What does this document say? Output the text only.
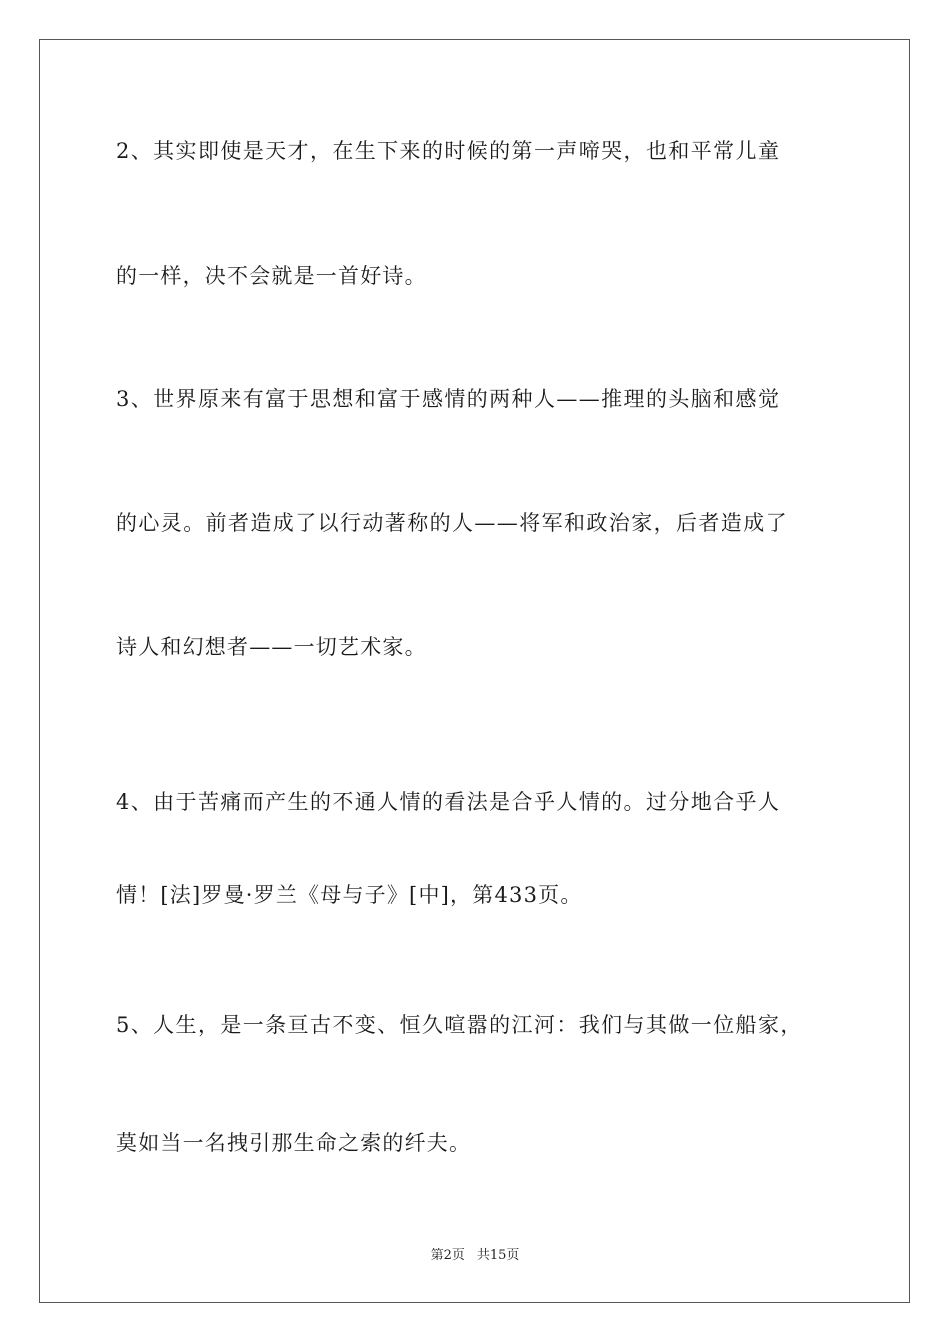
2、其实即使是天才，在生下来的时候的第一声啼哭，也和平常儿童
的一样，决不会就是一首好诗。
3、世界原来有富于思想和富于感情的两种人——推理的头脑和感觉
的心灵。前者造成了以行动著称的人——将军和政治家，后者造成了
诗人和幻想者——一切艺术家。
4、由于苦痛而产生的不通人情的看法是合乎人情的。过分地合乎人
情！[法]罗曼·罗兰《母与子》[中]，第433页。
5、人生，是一条亘古不变、恒久喧嚣的江河：我们与其做一位船家，
莫如当一名拽引那生命之索的纤夫。
第2页 共15页
